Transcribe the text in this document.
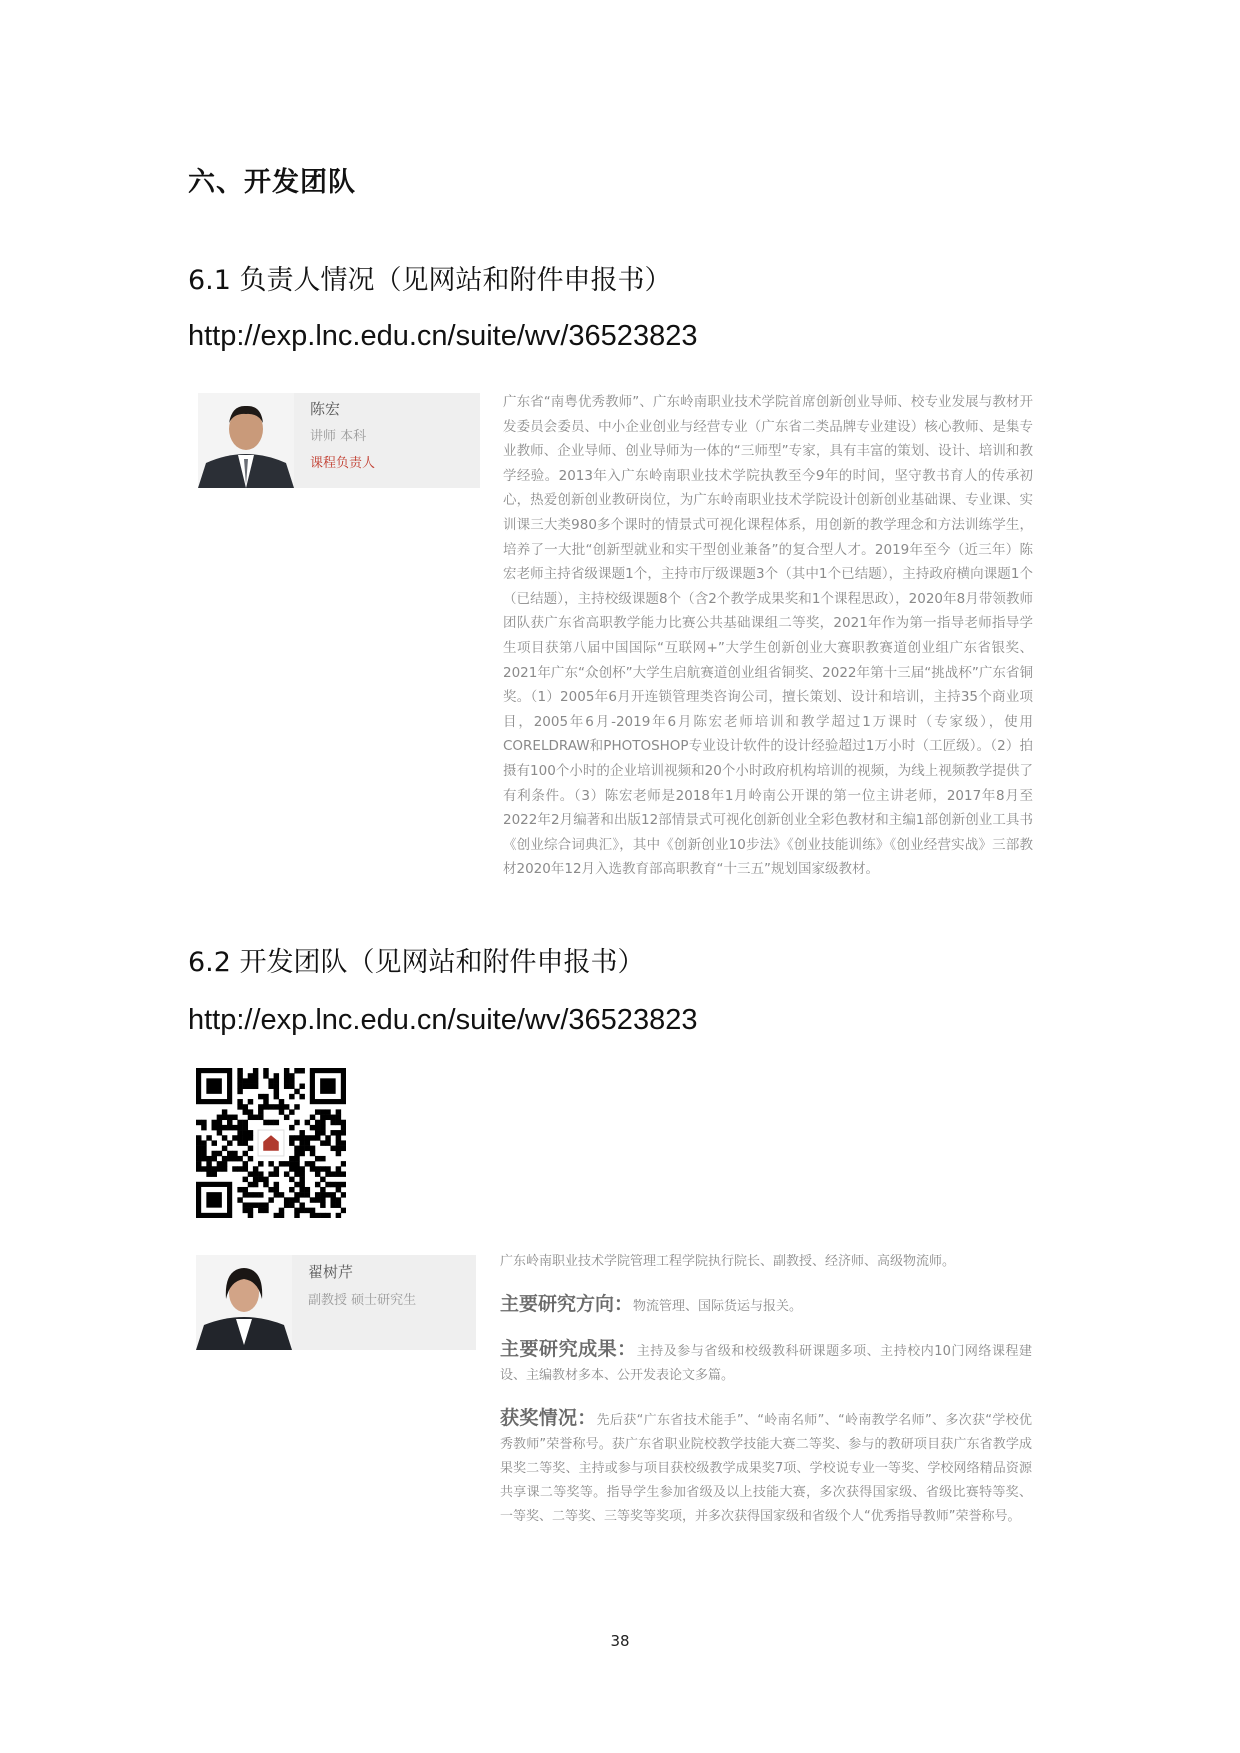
六、开发团队
6.1 负责人情况（见网站和附件申报书）
http://exp.lnc.edu.cn/suite/wv/36523823
陈宏
讲师 本科
课程负责人
广东省“南粤优秀教师”、广东岭南职业技术学院首席创新创业导师、校专业发展与教材开发委员会委员、中小企业创业与经营专业（广东省二类品牌专业建设）核心教师、是集专业教师、企业导师、创业导师为一体的“三师型”专家，具有丰富的策划、设计、培训和教学经验。2013年入广东岭南职业技术学院执教至今9年的时间，坚守教书育人的传承初心，热爱创新创业教研岗位，为广东岭南职业技术学院设计创新创业基础课、专业课、实训课三大类980多个课时的情景式可视化课程体系，用创新的教学理念和方法训练学生，培养了一大批“创新型就业和实干型创业兼备”的复合型人才。2019年至今（近三年）陈宏老师主持省级课题1个，主持市厅级课题3个（其中1个已结题），主持政府横向课题1个（已结题），主持校级课题8个（含2个教学成果奖和1个课程思政），2020年8月带领教师团队获广东省高职教学能力比赛公共基础课组二等奖，2021年作为第一指导老师指导学生项目获第八届中国国际“互联网+”大学生创新创业大赛职教赛道创业组广东省银奖、2021年广东“众创杯”大学生启航赛道创业组省铜奖、2022年第十三届“挑战杯”广东省铜奖。（1）2005年6月开连锁管理类咨询公司，擅长策划、设计和培训，主持35个商业项目，2005年6月-2019年6月陈宏老师培训和教学超过1万课时（专家级），使用CORELDRAW和PHOTOSHOP专业设计软件的设计经验超过1万小时（工匠级）。（2）拍摄有100个小时的企业培训视频和20个小时政府机构培训的视频，为线上视频教学提供了有利条件。（3）陈宏老师是2018年1月岭南公开课的第一位主讲老师，2017年8月至2022年2月编著和出版12部情景式可视化创新创业全彩色教材和主编1部创新创业工具书《创业综合词典汇》，其中《创新创业10步法》《创业技能训练》《创业经营实战》三部教材2020年12月入选教育部高职教育“十三五”规划国家级教材。
6.2 开发团队（见网站和附件申报书）
http://exp.lnc.edu.cn/suite/wv/36523823
翟树芹
副教授 硕士研究生
广东岭南职业技术学院管理工程学院执行院长、副教授、经济师、高级物流师。
主要研究方向：物流管理、国际货运与报关。
主要研究成果：主持及参与省级和校级教科研课题多项、主持校内10门网络课程建设、主编教材多本、公开发表论文多篇。
获奖情况：先后获“广东省技术能手”、“岭南名师”、“岭南教学名师”、多次获“学校优秀教师”荣誉称号。获广东省职业院校教学技能大赛二等奖、参与的教研项目获广东省教学成果奖二等奖、主持或参与项目获校级教学成果奖7项、学校说专业一等奖、学校网络精品资源共享课二等奖等。指导学生参加省级及以上技能大赛，多次获得国家级、省级比赛特等奖、一等奖、二等奖、三等奖等奖项，并多次获得国家级和省级个人“优秀指导教师”荣誉称号。
38
